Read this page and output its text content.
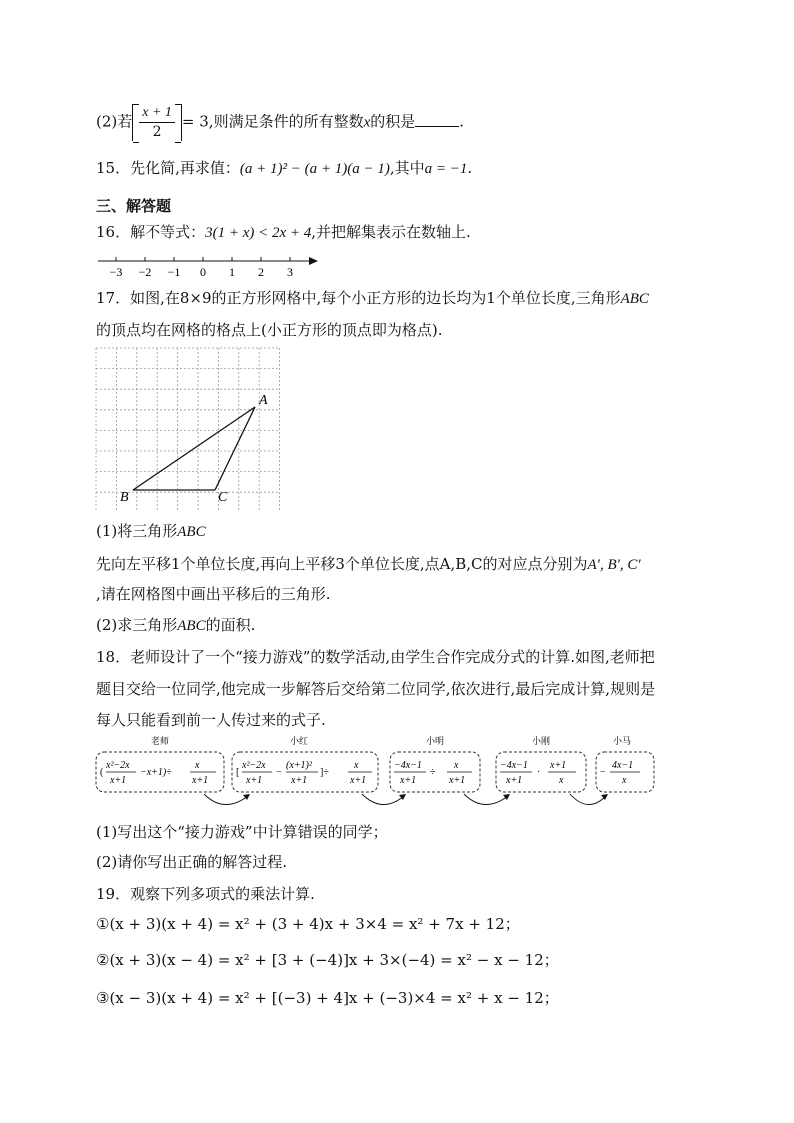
(2)若 $\frac{x + 1}{2} = 3$,则满足条件的所有整数x的积是	.
15．先化简,再求值：(a + 1)² − (a + 1)(a − 1),其中a = −1.
三、解答题
16．解不等式：3(1 + x) < 2x + 4,并把解集表示在数轴上.
−3 −2 −1 0 1 2 3
17．如图,在8×9的正方形网格中,每个小正方形的边长均为1个单位长度,三角形ABC
的顶点均在网格的格点上(小正方形的顶点即为格点).
A
B	C
(1)将三角形ABC
先向左平移1个单位长度,再向上平移3个单位长度,点A,B,C的对应点分别为A′, B′, C′
,请在网格图中画出平移后的三角形.
(2)求三角形ABC的面积.
18．老师设计了一个“接力游戏”的数学活动,由学生合作完成分式的计算.如图,老师把
题目交给一位同学,他完成一步解答后交给第二位同学,依次进行,最后完成计算,规则是
每人只能看到前一人传过来的式子.
老师	小红	小明	小刚	小马
(
x²−2x
x+1
−x+1)÷
x
x+1
[
x²−2x
x+1
−
(x+1)²
x+1
]÷
x
x+1
−4x−1
x+1
÷
x
x+1
−4x−1
x+1
·
x+1
x
−
4x−1
x
(1)写出这个“接力游戏”中计算错误的同学；
(2)请你写出正确的解答过程.
19．观察下列多项式的乘法计算.
①(x + 3)(x + 4) = x² + (3 + 4)x + 3×4 = x² + 7x + 12；
②(x + 3)(x − 4) = x² + [3 + (−4)]x + 3×(−4) = x² − x − 12；
③(x − 3)(x + 4) = x² + [(−3) + 4]x + (−3)×4 = x² + x − 12；
